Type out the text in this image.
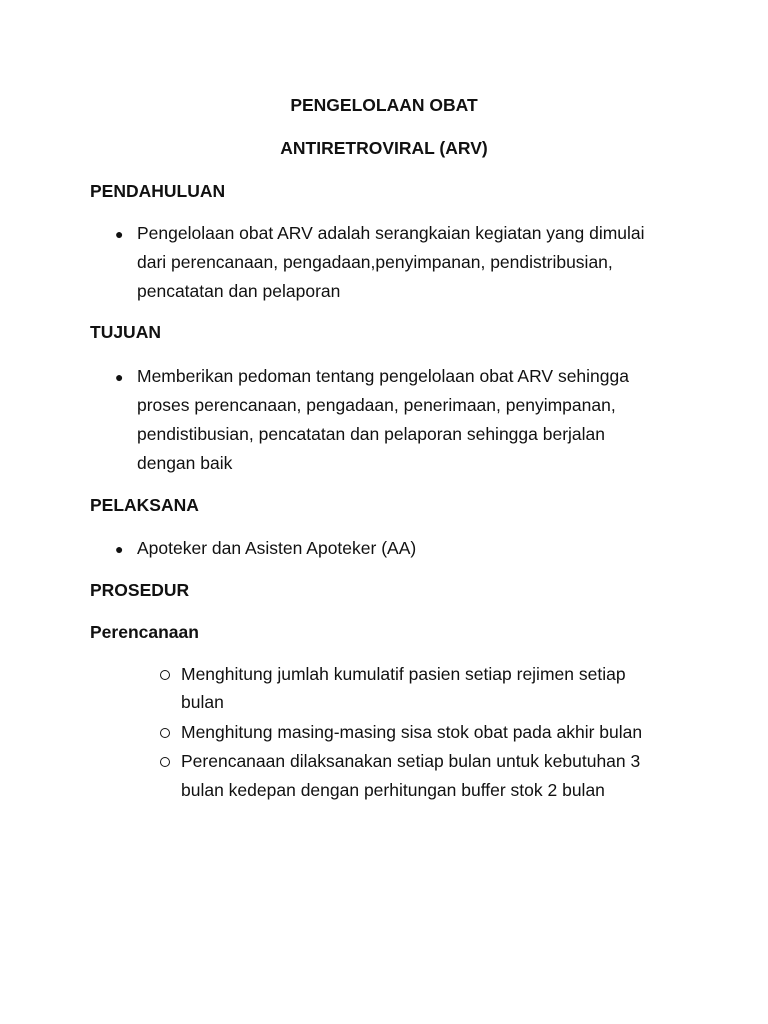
PENGELOLAAN OBAT
ANTIRETROVIRAL (ARV)
PENDAHULUAN
● Pengelolaan obat ARV adalah serangkaian kegiatan yang dimulai
dari perencanaan, pengadaan,penyimpanan, pendistribusian,
pencatatan dan pelaporan
TUJUAN
● Memberikan pedoman tentang pengelolaan obat ARV sehingga
proses perencanaan, pengadaan, penerimaan, penyimpanan,
pendistibusian, pencatatan dan pelaporan sehingga berjalan
dengan baik
PELAKSANA
● Apoteker dan Asisten Apoteker (AA)
PROSEDUR
Perencanaan
Menghitung jumlah kumulatif pasien setiap rejimen setiap
bulan
Menghitung masing-masing sisa stok obat pada akhir bulan
Perencanaan dilaksanakan setiap bulan untuk kebutuhan 3
bulan kedepan dengan perhitungan buffer stok 2 bulan
